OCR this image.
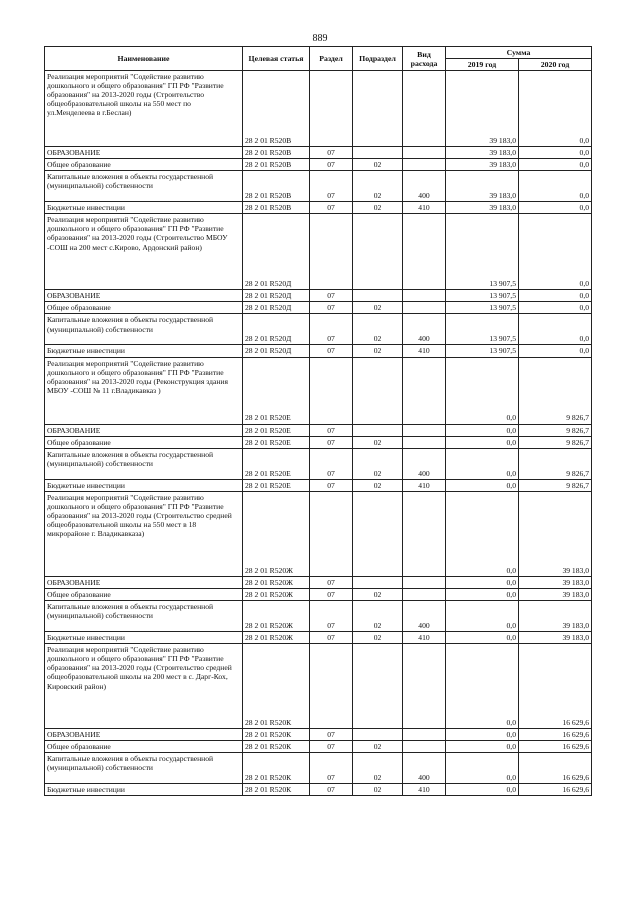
889
Наименование	Целевая статья	Раздел	Подраздел	Вид расхода	Сумма	
					2019 год	2020 год
Реализация мероприятий "Содействие развитию дошкольного и общего образования" ГП РФ "Развитие образования" на 2013-2020 годы (Строительство общеобразовательной школы на 550 мест по ул.Менделеева в г.Беслан)	28 2 01 R520В				39 183,0	0,0
ОБРАЗОВАНИЕ	28 2 01 R520В	07			39 183,0	0,0
Общее образование	28 2 01 R520В	07	02		39 183,0	0,0
Капитальные вложения в объекты государственной (муниципальной) собственности	28 2 01 R520В	07	02	400	39 183,0	0,0
Бюджетные инвестиции	28 2 01 R520В	07	02	410	39 183,0	0,0
Реализация мероприятий "Содействие развитию дошкольного и общего образования" ГП РФ "Развитие образования" на 2013-2020 годы (Строительство МБОУ -СОШ на 200 мест с.Кирово, Ардонский район)	28 2 01 R520Д				13 907,5	0,0
ОБРАЗОВАНИЕ	28 2 01 R520Д	07			13 907,5	0,0
Общее образование	28 2 01 R520Д	07	02		13 907,5	0,0
Капитальные вложения в объекты государственной (муниципальной) собственности	28 2 01 R520Д	07	02	400	13 907,5	0,0
Бюджетные инвестиции	28 2 01 R520Д	07	02	410	13 907,5	0,0
Реализация мероприятий "Содействие развитию дошкольного и общего образования" ГП РФ "Развитие образования" на 2013-2020 годы (Реконструкция здания МБОУ -СОШ № 11 г.Владикавказ )	28 2 01 R520Е				0,0	9 826,7
ОБРАЗОВАНИЕ	28 2 01 R520Е	07			0,0	9 826,7
Общее образование	28 2 01 R520Е	07	02		0,0	9 826,7
Капитальные вложения в объекты государственной (муниципальной) собственности	28 2 01 R520Е	07	02	400	0,0	9 826,7
Бюджетные инвестиции	28 2 01 R520Е	07	02	410	0,0	9 826,7
Реализация мероприятий "Содействие развитию дошкольного и общего образования" ГП РФ "Развитие образования" на 2013-2020 годы (Строительство средней общеобразовательной школы на 550 мест в 18 микрорайоне г. Владикавказа)	28 2 01 R520Ж				0,0	39 183,0
ОБРАЗОВАНИЕ	28 2 01 R520Ж	07			0,0	39 183,0
Общее образование	28 2 01 R520Ж	07	02		0,0	39 183,0
Капитальные вложения в объекты государственной (муниципальной) собственности	28 2 01 R520Ж	07	02	400	0,0	39 183,0
Бюджетные инвестиции	28 2 01 R520Ж	07	02	410	0,0	39 183,0
Реализация мероприятий "Содействие развитию дошкольного и общего образования" ГП РФ "Развитие образования" на 2013-2020 годы (Строительство средней общеобразовательной школы на 200 мест в с. Дарг-Кох, Кировский район)	28 2 01 R520К				0,0	16 629,6
ОБРАЗОВАНИЕ	28 2 01 R520К	07			0,0	16 629,6
Общее образование	28 2 01 R520К	07	02		0,0	16 629,6
Капитальные вложения в объекты государственной (муниципальной) собственности	28 2 01 R520К	07	02	400	0,0	16 629,6
Бюджетные инвестиции	28 2 01 R520К	07	02	410	0,0	16 629,6
